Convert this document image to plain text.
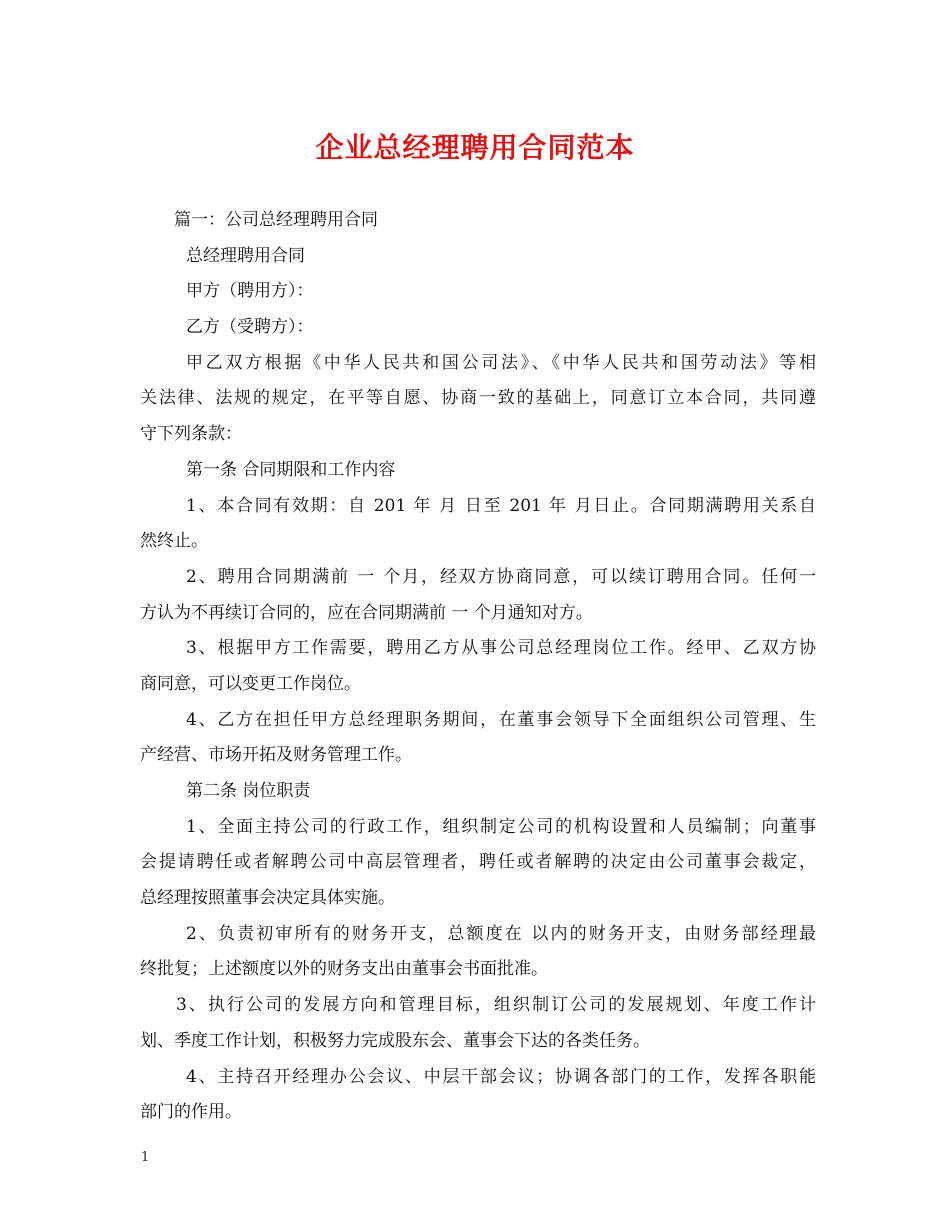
企业总经理聘用合同范本
篇一：公司总经理聘用合同
总经理聘用合同
甲方（聘用方）：
乙方（受聘方）：
甲乙双方根据《中华人民共和国公司法》、《中华人民共和国劳动法》等相
关法律、法规的规定，在平等自愿、协商一致的基础上，同意订立本合同，共同遵
守下列条款：
第一条 合同期限和工作内容
1、本合同有效期：自 201 年 月 日至 201 年 月日止。合同期满聘用关系自
然终止。
2、聘用合同期满前 一 个月，经双方协商同意，可以续订聘用合同。任何一
方认为不再续订合同的，应在合同期满前 一 个月通知对方。
3、根据甲方工作需要，聘用乙方从事公司总经理岗位工作。经甲、乙双方协
商同意，可以变更工作岗位。
4、乙方在担任甲方总经理职务期间，在董事会领导下全面组织公司管理、生
产经营、市场开拓及财务管理工作。
第二条 岗位职责
1、全面主持公司的行政工作，组织制定公司的机构设置和人员编制；向董事
会提请聘任或者解聘公司中高层管理者，聘任或者解聘的决定由公司董事会裁定，
总经理按照董事会决定具体实施。
2、负责初审所有的财务开支，总额度在 以内的财务开支，由财务部经理最
终批复；上述额度以外的财务支出由董事会书面批准。
3、执行公司的发展方向和管理目标，组织制订公司的发展规划、年度工作计
划、季度工作计划，积极努力完成股东会、董事会下达的各类任务。
4、主持召开经理办公会议、中层干部会议；协调各部门的工作，发挥各职能
部门的作用。
1
